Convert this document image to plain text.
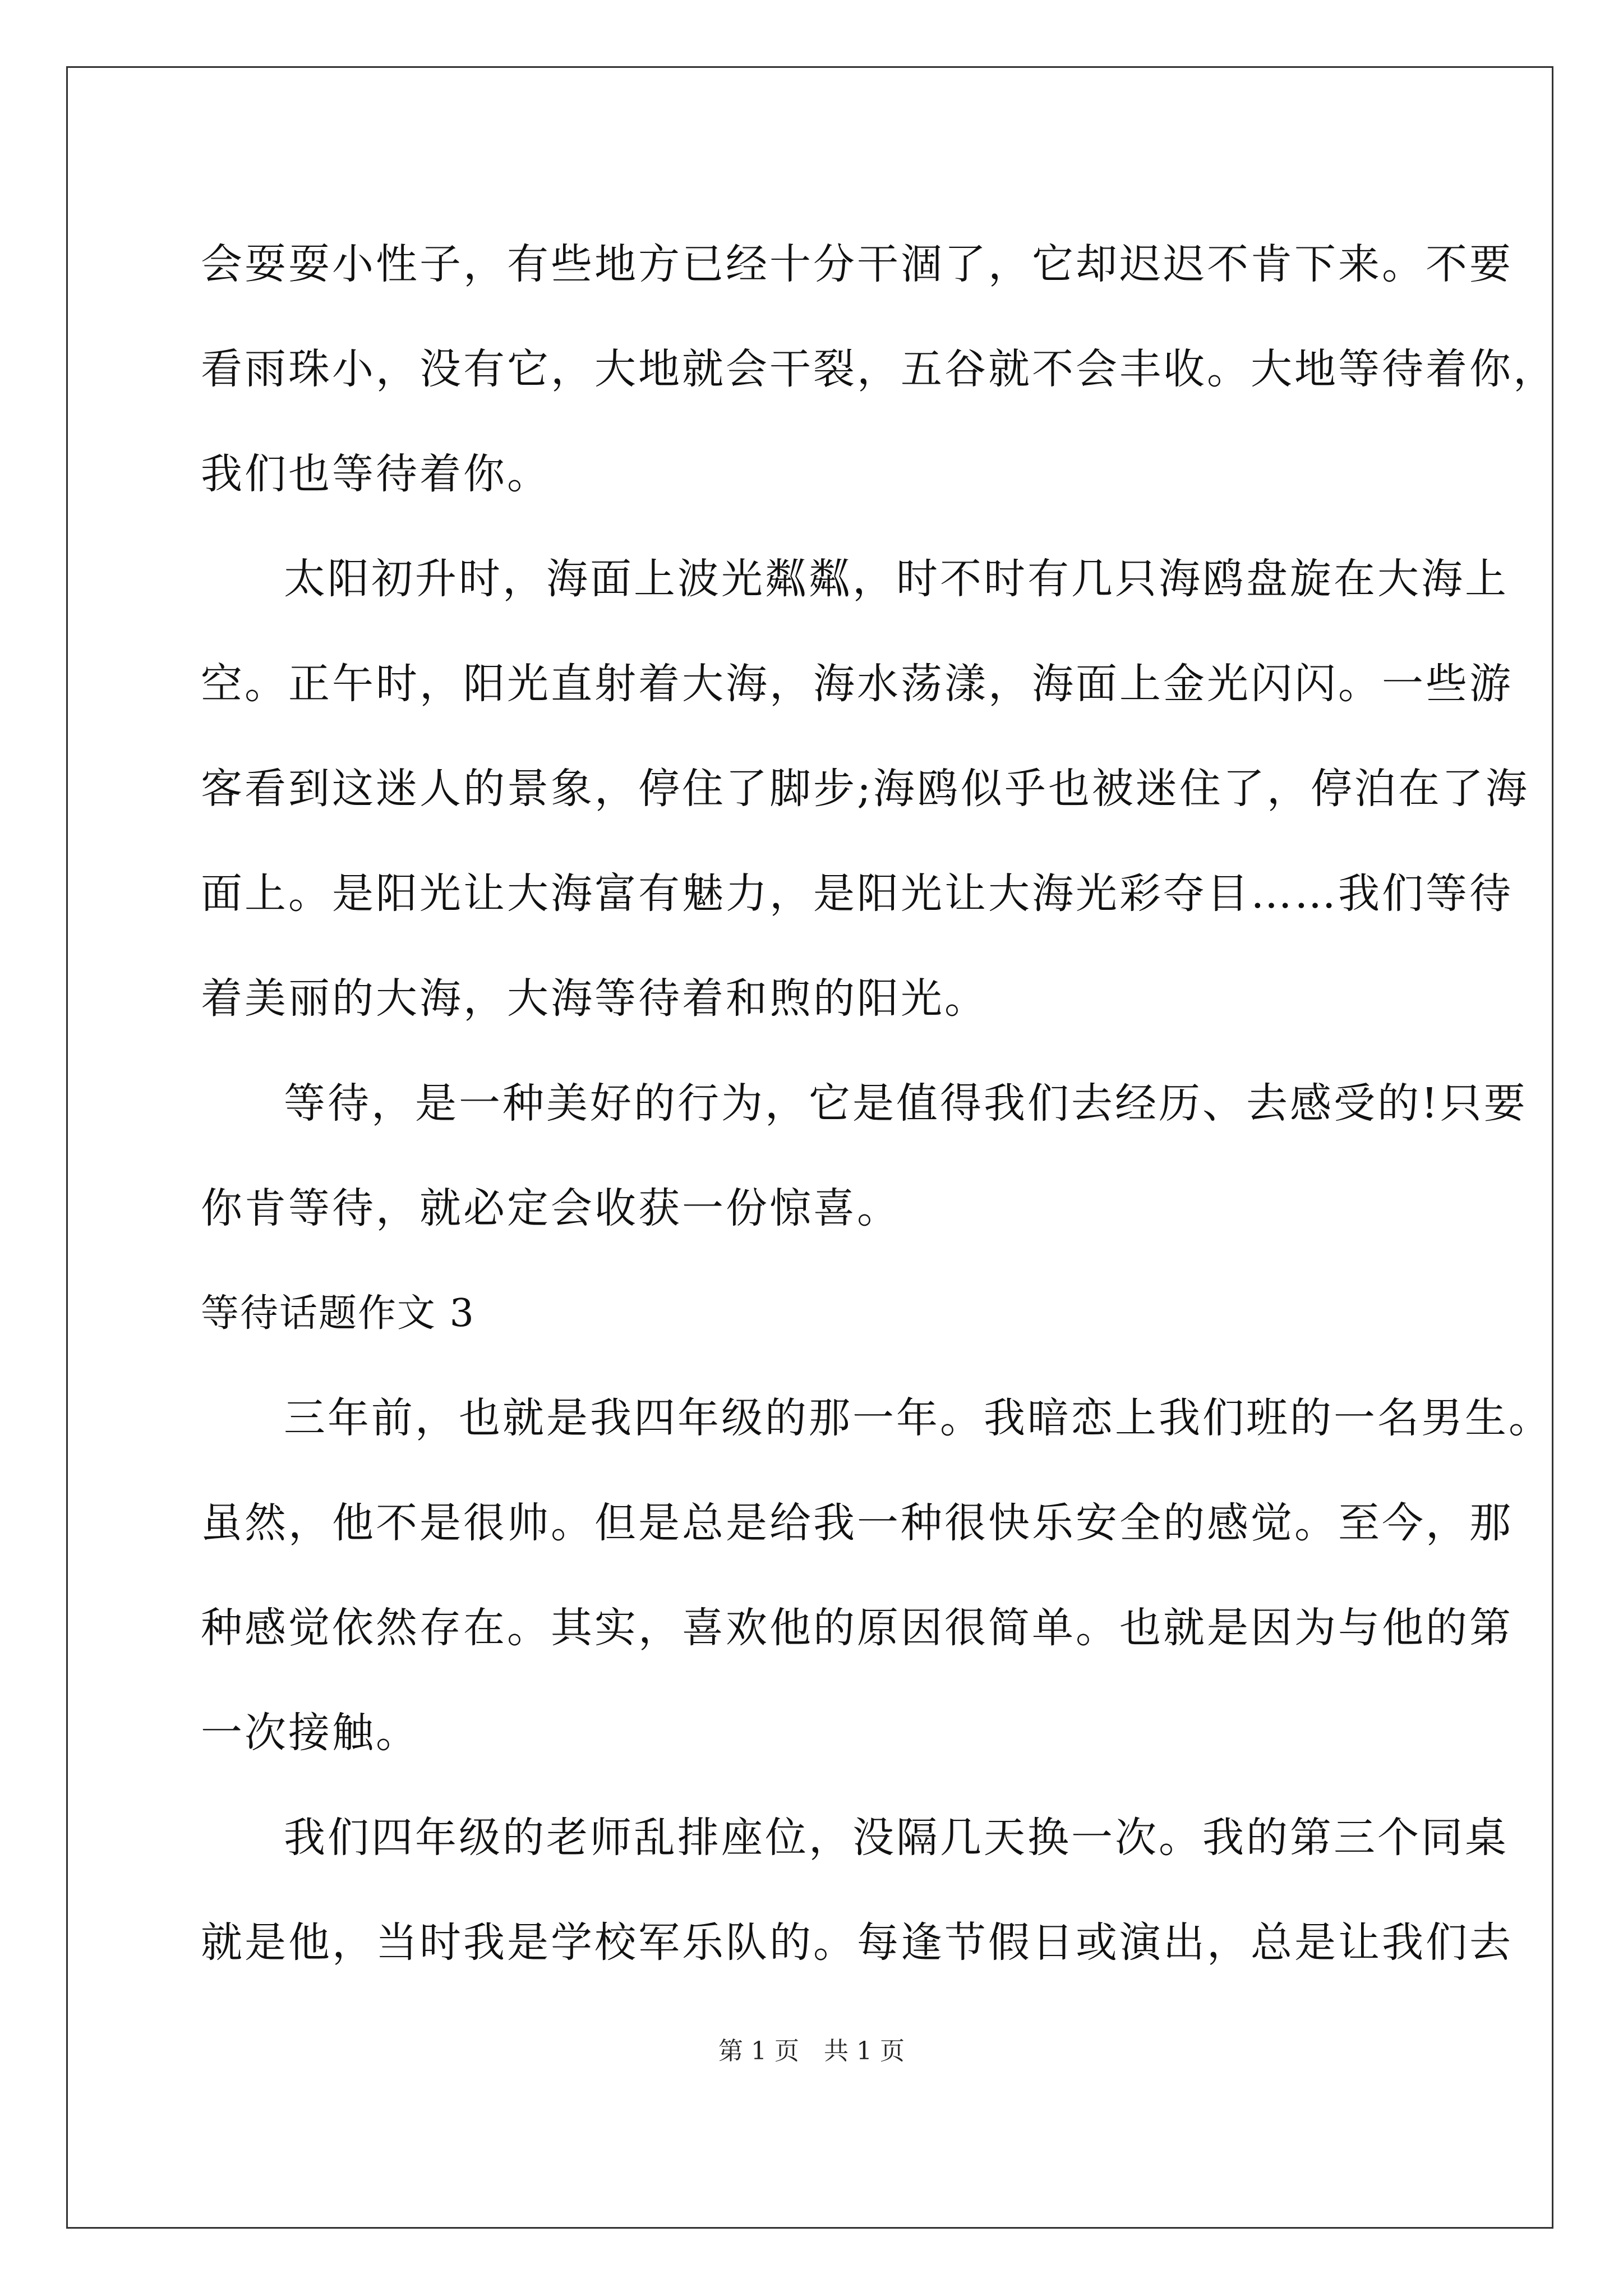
会耍耍小性子，有些地方已经十分干涸了，它却迟迟不肯下来。不要
看雨珠小，没有它，大地就会干裂，五谷就不会丰收。大地等待着你，
我们也等待着你。
太阳初升时，海面上波光粼粼，时不时有几只海鸥盘旋在大海上
空。正午时，阳光直射着大海，海水荡漾，海面上金光闪闪。一些游
客看到这迷人的景象，停住了脚步;海鸥似乎也被迷住了，停泊在了海
面上。是阳光让大海富有魅力，是阳光让大海光彩夺目……我们等待
着美丽的大海，大海等待着和煦的阳光。
等待，是一种美好的行为，它是值得我们去经历、去感受的!只要
你肯等待，就必定会收获一份惊喜。
等待话题作文 3
三年前，也就是我四年级的那一年。我暗恋上我们班的一名男生。
虽然，他不是很帅。但是总是给我一种很快乐安全的感觉。至今，那
种感觉依然存在。其实，喜欢他的原因很简单。也就是因为与他的第
一次接触。
我们四年级的老师乱排座位，没隔几天换一次。我的第三个同桌
就是他，当时我是学校军乐队的。每逢节假日或演出，总是让我们去
第 1 页　共 1 页
